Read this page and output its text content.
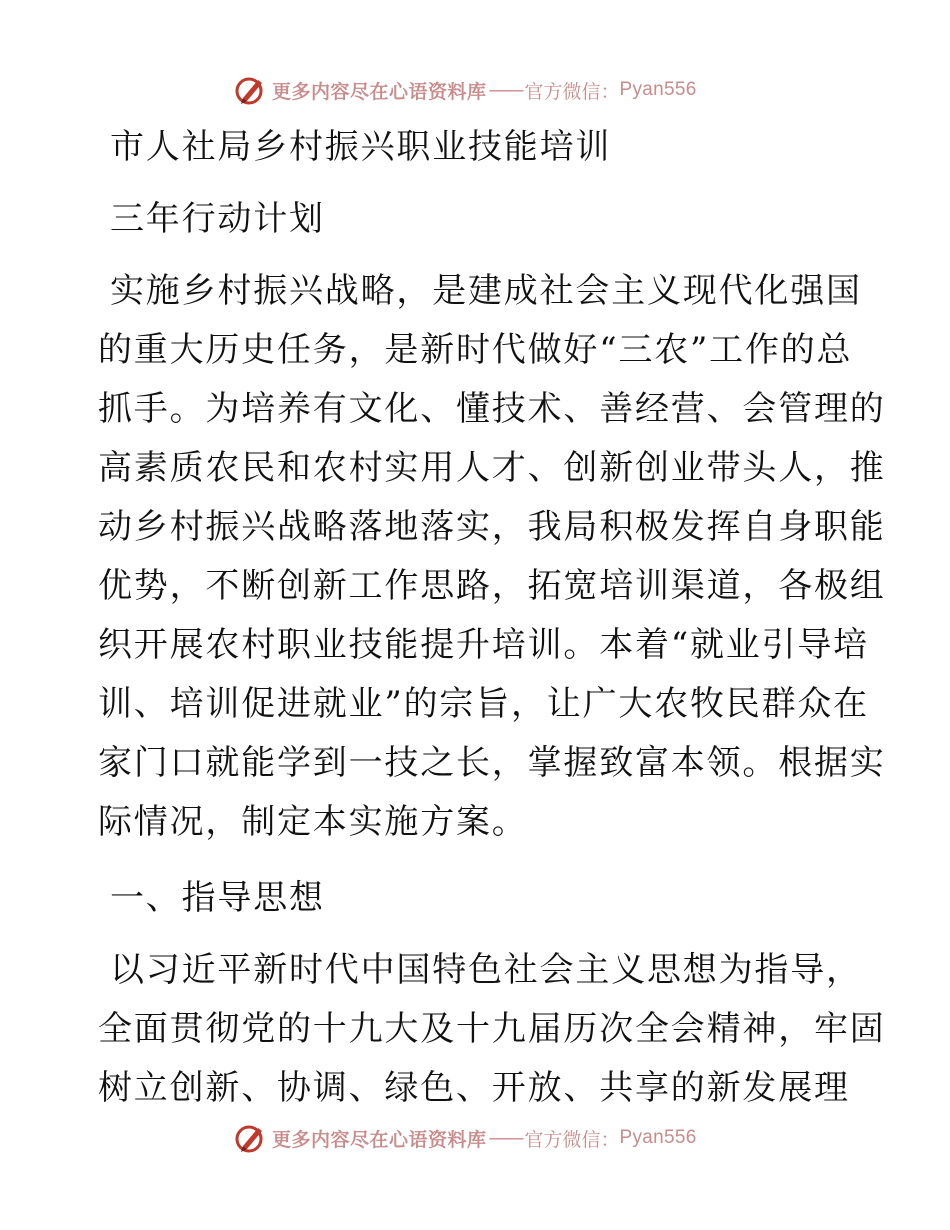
更多内容尽在心语资料库 —— 官方微信： Pyan556
市人社局乡村振兴职业技能培训
三年行动计划
实施乡村振兴战略，是建成社会主义现代化强国
的重大历史任务，是新时代做好“三农”工作的总
抓手。为培养有文化、懂技术、善经营、会管理的
高素质农民和农村实用人才、创新创业带头人，推
动乡村振兴战略落地落实，我局积极发挥自身职能
优势，不断创新工作思路，拓宽培训渠道，各极组
织开展农村职业技能提升培训。本着“就业引导培
训、培训促进就业”的宗旨，让广大农牧民群众在
家门口就能学到一技之长，掌握致富本领。根据实
际情况，制定本实施方案。
一、指导思想
以习近平新时代中国特色社会主义思想为指导，
全面贯彻党的十九大及十九届历次全会精神，牢固
树立创新、协调、绿色、开放、共享的新发展理
更多内容尽在心语资料库 —— 官方微信： Pyan556
